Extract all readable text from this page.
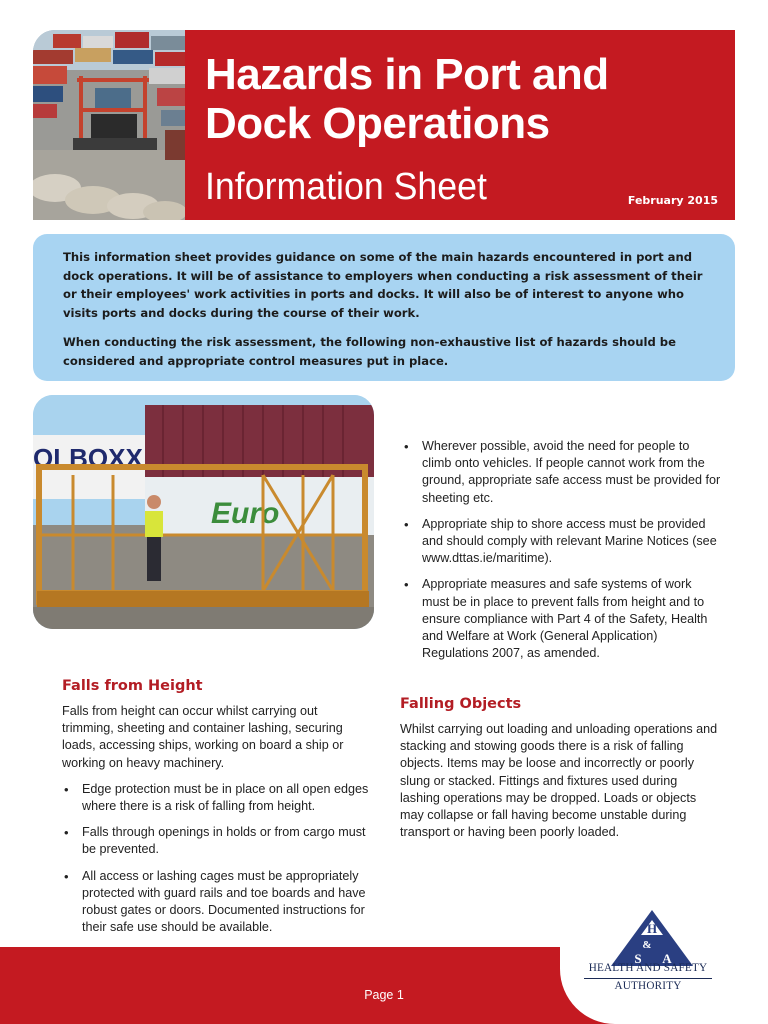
Hazards in Port and Dock Operations
Information Sheet	February 2015

This information sheet provides guidance on some of the main hazards encountered in port and dock operations. It will be of assistance to employers when conducting a risk assessment of their or their employees' work activities in ports and docks. It will also be of interest to anyone who visits ports and docks during the course of their work.

When conducting the risk assessment, the following non-exhaustive list of hazards should be considered and appropriate control measures put in place.

OLBOXX
Euro
Falls from Height

Falls from height can occur whilst carrying out trimming, sheeting and container lashing, securing loads, accessing ships, working on board a ship or working on heavy machinery.

• Edge protection must be in place on all open edges where there is a risk of falling from height.
• Falls through openings in holds or from cargo must be prevented.
• All access or lashing cages must be appropriately protected with guard rails and toe boards and have robust gates or doors. Documented instructions for their safe use should be available.
• Wherever possible, avoid the need for people to climb onto vehicles. If people cannot work from the ground, appropriate safe access must be provided for sheeting etc.
• Appropriate ship to shore access must be provided and should comply with relevant Marine Notices (see www.dttas.ie/maritime).
• Appropriate measures and safe systems of work must be in place to prevent falls from height and to ensure compliance with Part 4 of the Safety, Health and Welfare at Work (General Application) Regulations 2007, as amended.
Falling Objects

Whilst carrying out loading and unloading operations and stacking and stowing goods there is a risk of falling objects. Items may be loose and incorrectly or poorly slung or stacked. Fittings and fixtures used during lashing operations may be dropped. Loads or objects may collapse or fall having become unstable during transport or having been poorly loaded.

Page 1
H
&
S A
HEALTH AND SAFETY
AUTHORITY
